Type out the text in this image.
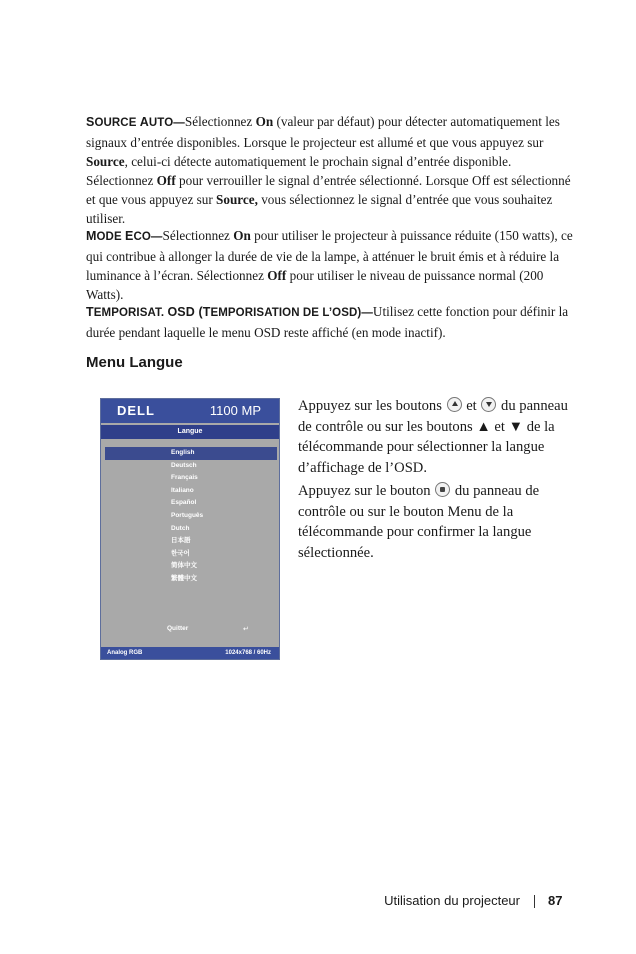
SOURCE AUTO—Sélectionnez On (valeur par défaut) pour détecter automatiquement les signaux d’entrée disponibles. Lorsque le projecteur est allumé et que vous appuyez sur Source, celui-ci détecte automatiquement le prochain signal d’entrée disponible. Sélectionnez Off pour verrouiller le signal d’entrée sélectionné. Lorsque Off est sélectionné et que vous appuyez sur Source, vous sélectionnez le signal d’entrée que vous souhaitez utiliser.

MODE ECO—Sélectionnez On pour utiliser le projecteur à puissance réduite (150 watts), ce qui contribue à allonger la durée de vie de la lampe, à atténuer le bruit émis et à réduire la luminance à l’écran. Sélectionnez Off pour utiliser le niveau de puissance normal (200 Watts).

TEMPORISAT. OSD (TEMPORISATION DE L’OSD)—Utilisez cette fonction pour définir la durée pendant laquelle le menu OSD reste affiché (en mode inactif).

Menu Langue
DELL	1100 MP
Langue
English
Deutsch
Français
Italiano
Español
Português
Dutch
日本語
한국어
简体中文
繁體中文
Quitter	↵
Analog RGB	1024x768 / 60Hz

Appuyez sur les boutons  et  du panneau de contrôle ou sur les boutons ▲ et ▼ de la télécommande pour sélectionner la langue d’affichage de l’OSD.

Appuyez sur le bouton  du panneau de contrôle ou sur le bouton Menu de la télécommande pour confirmer la langue sélectionnée.

Utilisation du projecteur 87
